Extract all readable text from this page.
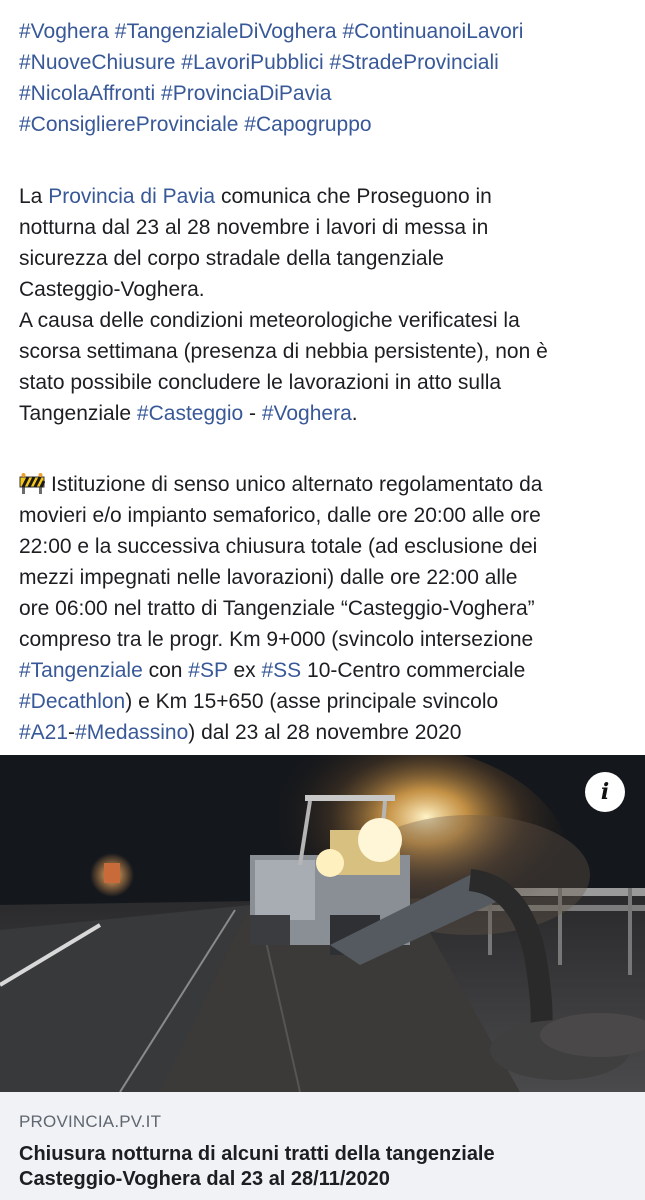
#Voghera #TangenzialeDiVoghera #ContinuanoiLavori
#NuoveChiusure #LavoriPubblici #StradeProvinciali
#NicolaAffronti #ProvinciaDiPavia
#ConsigliereProvinciale #Capogruppo
La Provincia di Pavia comunica che Proseguono in
notturna dal 23 al 28 novembre i lavori di messa in
sicurezza del corpo stradale della tangenziale
Casteggio-Voghera.
A causa delle condizioni meteorologiche verificatesi la
scorsa settimana (presenza di nebbia persistente), non è
stato possibile concludere le lavorazioni in atto sulla
Tangenziale #Casteggio - #Voghera.
Istituzione di senso unico alternato regolamentato da
movieri e/o impianto semaforico, dalle ore 20:00 alle ore
22:00 e la successiva chiusura totale (ad esclusione dei
mezzi impegnati nelle lavorazioni) dalle ore 22:00 alle
ore 06:00 nel tratto di Tangenziale “Casteggio-Voghera”
compreso tra le progr. Km 9+000 (svincolo intersezione
#Tangenziale con #SP ex #SS 10-Centro commerciale
#Decathlon) e Km 15+650 (asse principale svincolo
#A21-#Medassino) dal 23 al 28 novembre 2020
i
PROVINCIA.PV.IT
Chiusura notturna di alcuni tratti della tangenziale
Casteggio-Voghera dal 23 al 28/11/2020
